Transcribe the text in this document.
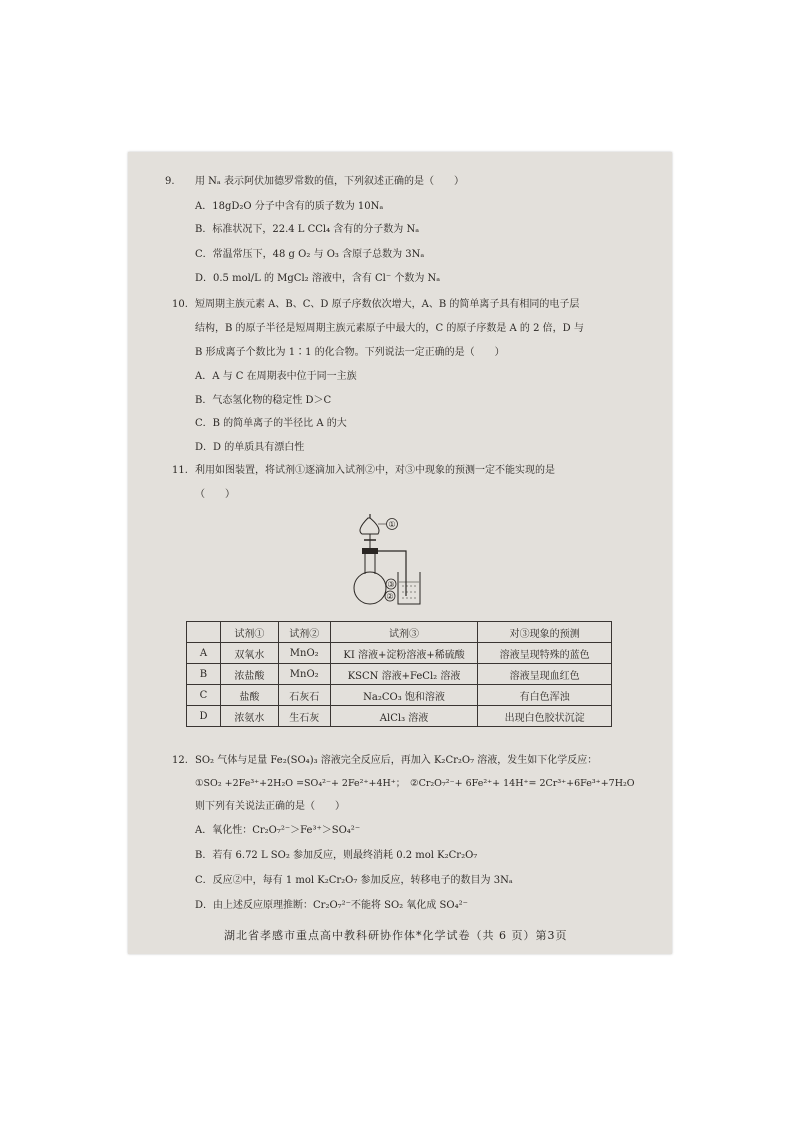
9. 用 Nₐ 表示阿伏加德罗常数的值，下列叙述正确的是（　　）
A．18gD₂O 分子中含有的质子数为 10Nₐ
B．标准状况下，22.4 L CCl₄ 含有的分子数为 Nₐ
C．常温常压下，48 g O₂ 与 O₃ 含原子总数为 3Nₐ
D．0.5 mol/L 的 MgCl₂ 溶液中，含有 Cl⁻ 个数为 Nₐ
10. 短周期主族元素 A、B、C、D 原子序数依次增大，A、B 的简单离子具有相同的电子层
结构，B 的原子半径是短周期主族元素原子中最大的，C 的原子序数是 A 的 2 倍，D 与
B 形成离子个数比为 1∶1 的化合物。下列说法一定正确的是（　　）
A．A 与 C 在周期表中位于同一主族
B．气态氢化物的稳定性 D＞C
C．B 的简单离子的半径比 A 的大
D．D 的单质具有漂白性
11. 利用如图装置，将试剂①逐滴加入试剂②中，对③中现象的预测一定不能实现的是
（　　）
①
③
②
	试剂①	试剂②	试剂③	对③现象的预测
A	双氧水	MnO₂	KI 溶液+淀粉溶液+稀硫酸	溶液呈现特殊的蓝色
B	浓盐酸	MnO₂	KSCN 溶液+FeCl₂ 溶液	溶液呈现血红色
C	盐酸	石灰石	Na₂CO₃ 饱和溶液	有白色浑浊
D	浓氨水	生石灰	AlCl₃ 溶液	出现白色胶状沉淀
12. SO₂ 气体与足量 Fe₂(SO₄)₃ 溶液完全反应后，再加入 K₂Cr₂O₇ 溶液，发生如下化学反应：
①SO₂ +2Fe³⁺+2H₂O =SO₄²⁻+ 2Fe²⁺+4H⁺；　②Cr₂O₇²⁻+ 6Fe²⁺+ 14H⁺= 2Cr³⁺+6Fe³⁺+7H₂O
则下列有关说法正确的是（　　）
A．氧化性：Cr₂O₇²⁻＞Fe³⁺＞SO₄²⁻
B．若有 6.72 L SO₂ 参加反应，则最终消耗 0.2 mol K₂Cr₂O₇
C．反应②中，每有 1 mol K₂Cr₂O₇ 参加反应，转移电子的数目为 3Nₐ
D．由上述反应原理推断：Cr₂O₇²⁻不能将 SO₂ 氧化成 SO₄²⁻
湖北省孝感市重点高中教科研协作体*化学试卷（共 6 页）第3页
